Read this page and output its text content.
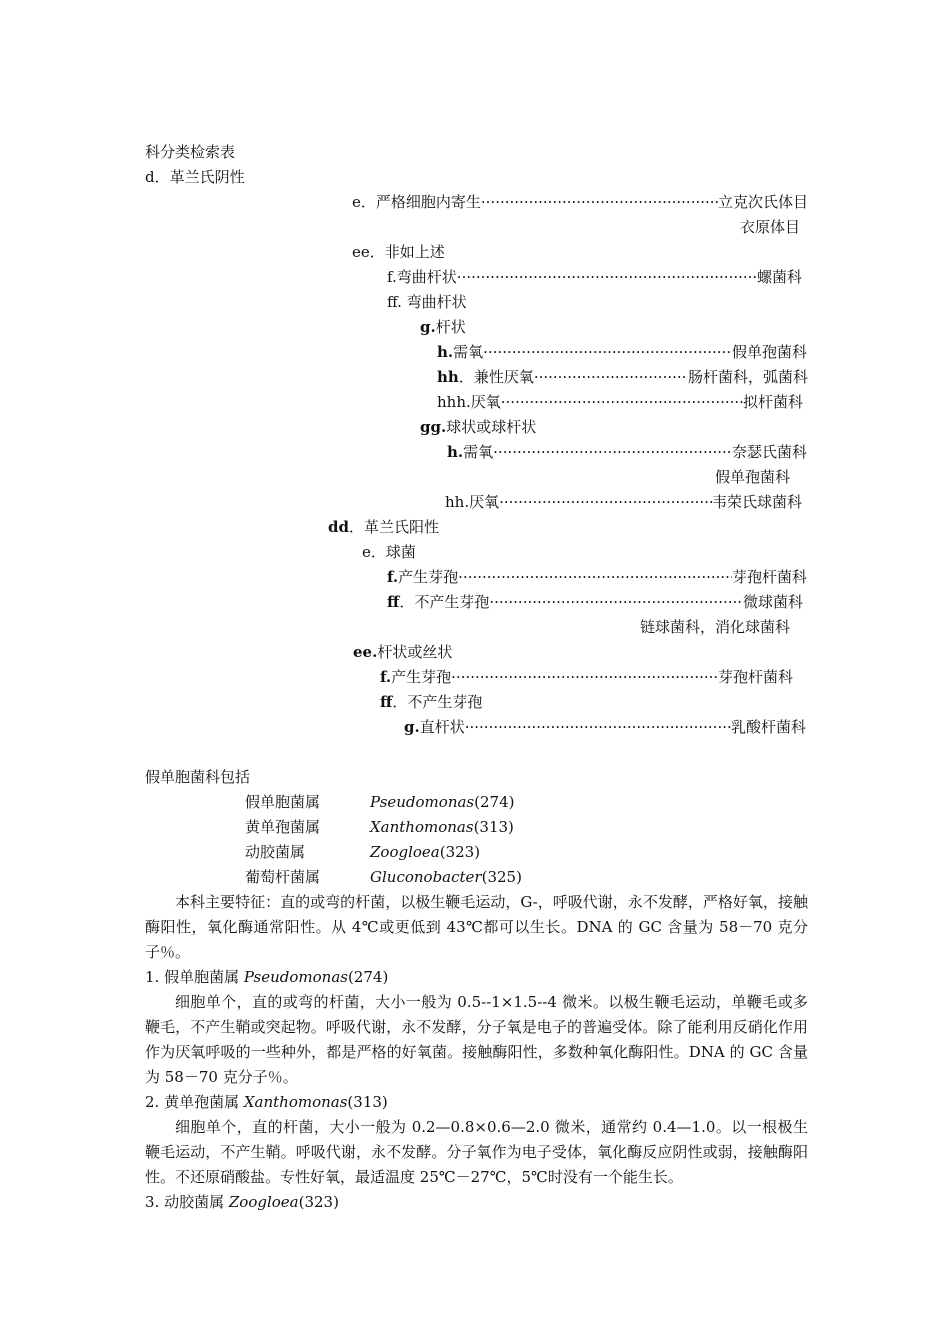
科分类检索表
d．革兰氏阴性
e． 严格细胞内寄生 ·····	立克次氏体目
衣原体目
ee．非如上述
f.弯曲杆状 ·····	螺菌科
ff. 弯曲杆状
g.杆状
h. 需氧 ·····	假单孢菌科
hh ．兼性厌氧 ·····	肠杆菌科，弧菌科
hhh.厌氧 ·····	拟杆菌科
gg.球状或球杆状
h. 需氧 ·····	奈瑟氏菌科
假单孢菌科
hh.厌氧 ·····	韦荣氏球菌科
dd．革兰氏阳性
e．球菌
f. 产生芽孢 ·····	芽孢杆菌科
ff ．不产生芽孢 ·····	微球菌科
链球菌科，消化球菌科
ee.杆状或丝状
f. 产生芽孢 ·····	芽孢杆菌科
ff．不产生芽孢
g. 直杆状 ·····	乳酸杆菌科
假单胞菌科包括
假单胞菌属	Pseudomonas(274)
黄单孢菌属	Xanthomonas(313)
动胶菌属	Zoogloea(323)
葡萄杆菌属	Gluconobacter(325)
本科主要特征：直的或弯的杆菌，以极生鞭毛运动，G-，呼吸代谢，永不发酵，严格好氧，接触酶阳性，氧化酶通常阳性。从 4℃或更低到 43℃都可以生长。DNA 的 GC 含量为 58－70 克分子％。
1. 假单胞菌属 Pseudomonas(274)
细胞单个，直的或弯的杆菌，大小一般为 0.5--1×1.5--4 微米。以极生鞭毛运动，单鞭毛或多鞭毛，不产生鞘或突起物。呼吸代谢，永不发酵，分子氧是电子的普遍受体。除了能利用反硝化作用作为厌氧呼吸的一些种外，都是严格的好氧菌。接触酶阳性，多数种氧化酶阳性。DNA 的 GC 含量为 58－70 克分子％。
2. 黄单孢菌属 Xanthomonas(313)
细胞单个，直的杆菌，大小一般为 0.2—0.8×0.6—2.0 微米，通常约 0.4—1.0。以一根极生鞭毛运动，不产生鞘。呼吸代谢，永不发酵。分子氧作为电子受体，氧化酶反应阴性或弱，接触酶阳性。不还原硝酸盐。专性好氧，最适温度 25℃－27℃，5℃时没有一个能生长。
3. 动胶菌属 Zoogloea(323)
